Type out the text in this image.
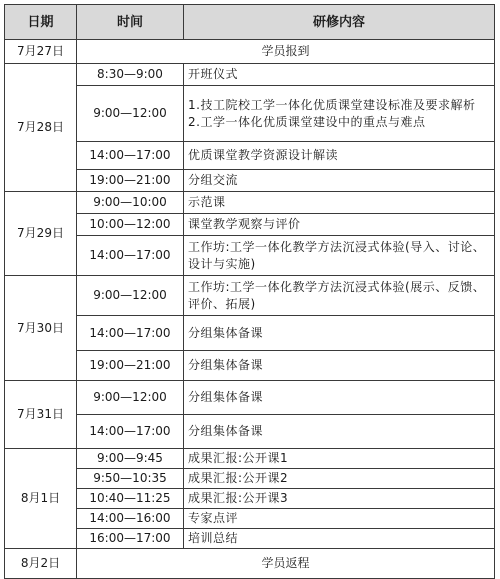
日期	时间	研修内容
7月27日	学员报到	
7月28日	8:30—9:00	开班仪式
	9:00—12:00	1.技工院校工学一体化优质课堂建设标准及要求解析
2.工学一体化优质课堂建设中的重点与难点

	14:00—17:00	优质课堂教学资源设计解读
	19:00—21:00	分组交流
7月29日	9:00—10:00	示范课
	10:00—12:00	课堂教学观察与评价
	14:00—17:00	工作坊:工学一体化教学方法沉浸式体验(导入、讨论、设计与实施)
7月30日	9:00—12:00	工作坊:工学一体化教学方法沉浸式体验(展示、反馈、评价、拓展)
	14:00—17:00	分组集体备课
	19:00—21:00	分组集体备课
7月31日	9:00—12:00	分组集体备课
	14:00—17:00	分组集体备课
8月1日	9:00—9:45	成果汇报:公开课1
	9:50—10:35	成果汇报:公开课2
	10:40—11:25	成果汇报:公开课3
	14:00—16:00	专家点评
	16:00—17:00	培训总结
8月2日	学员返程	
